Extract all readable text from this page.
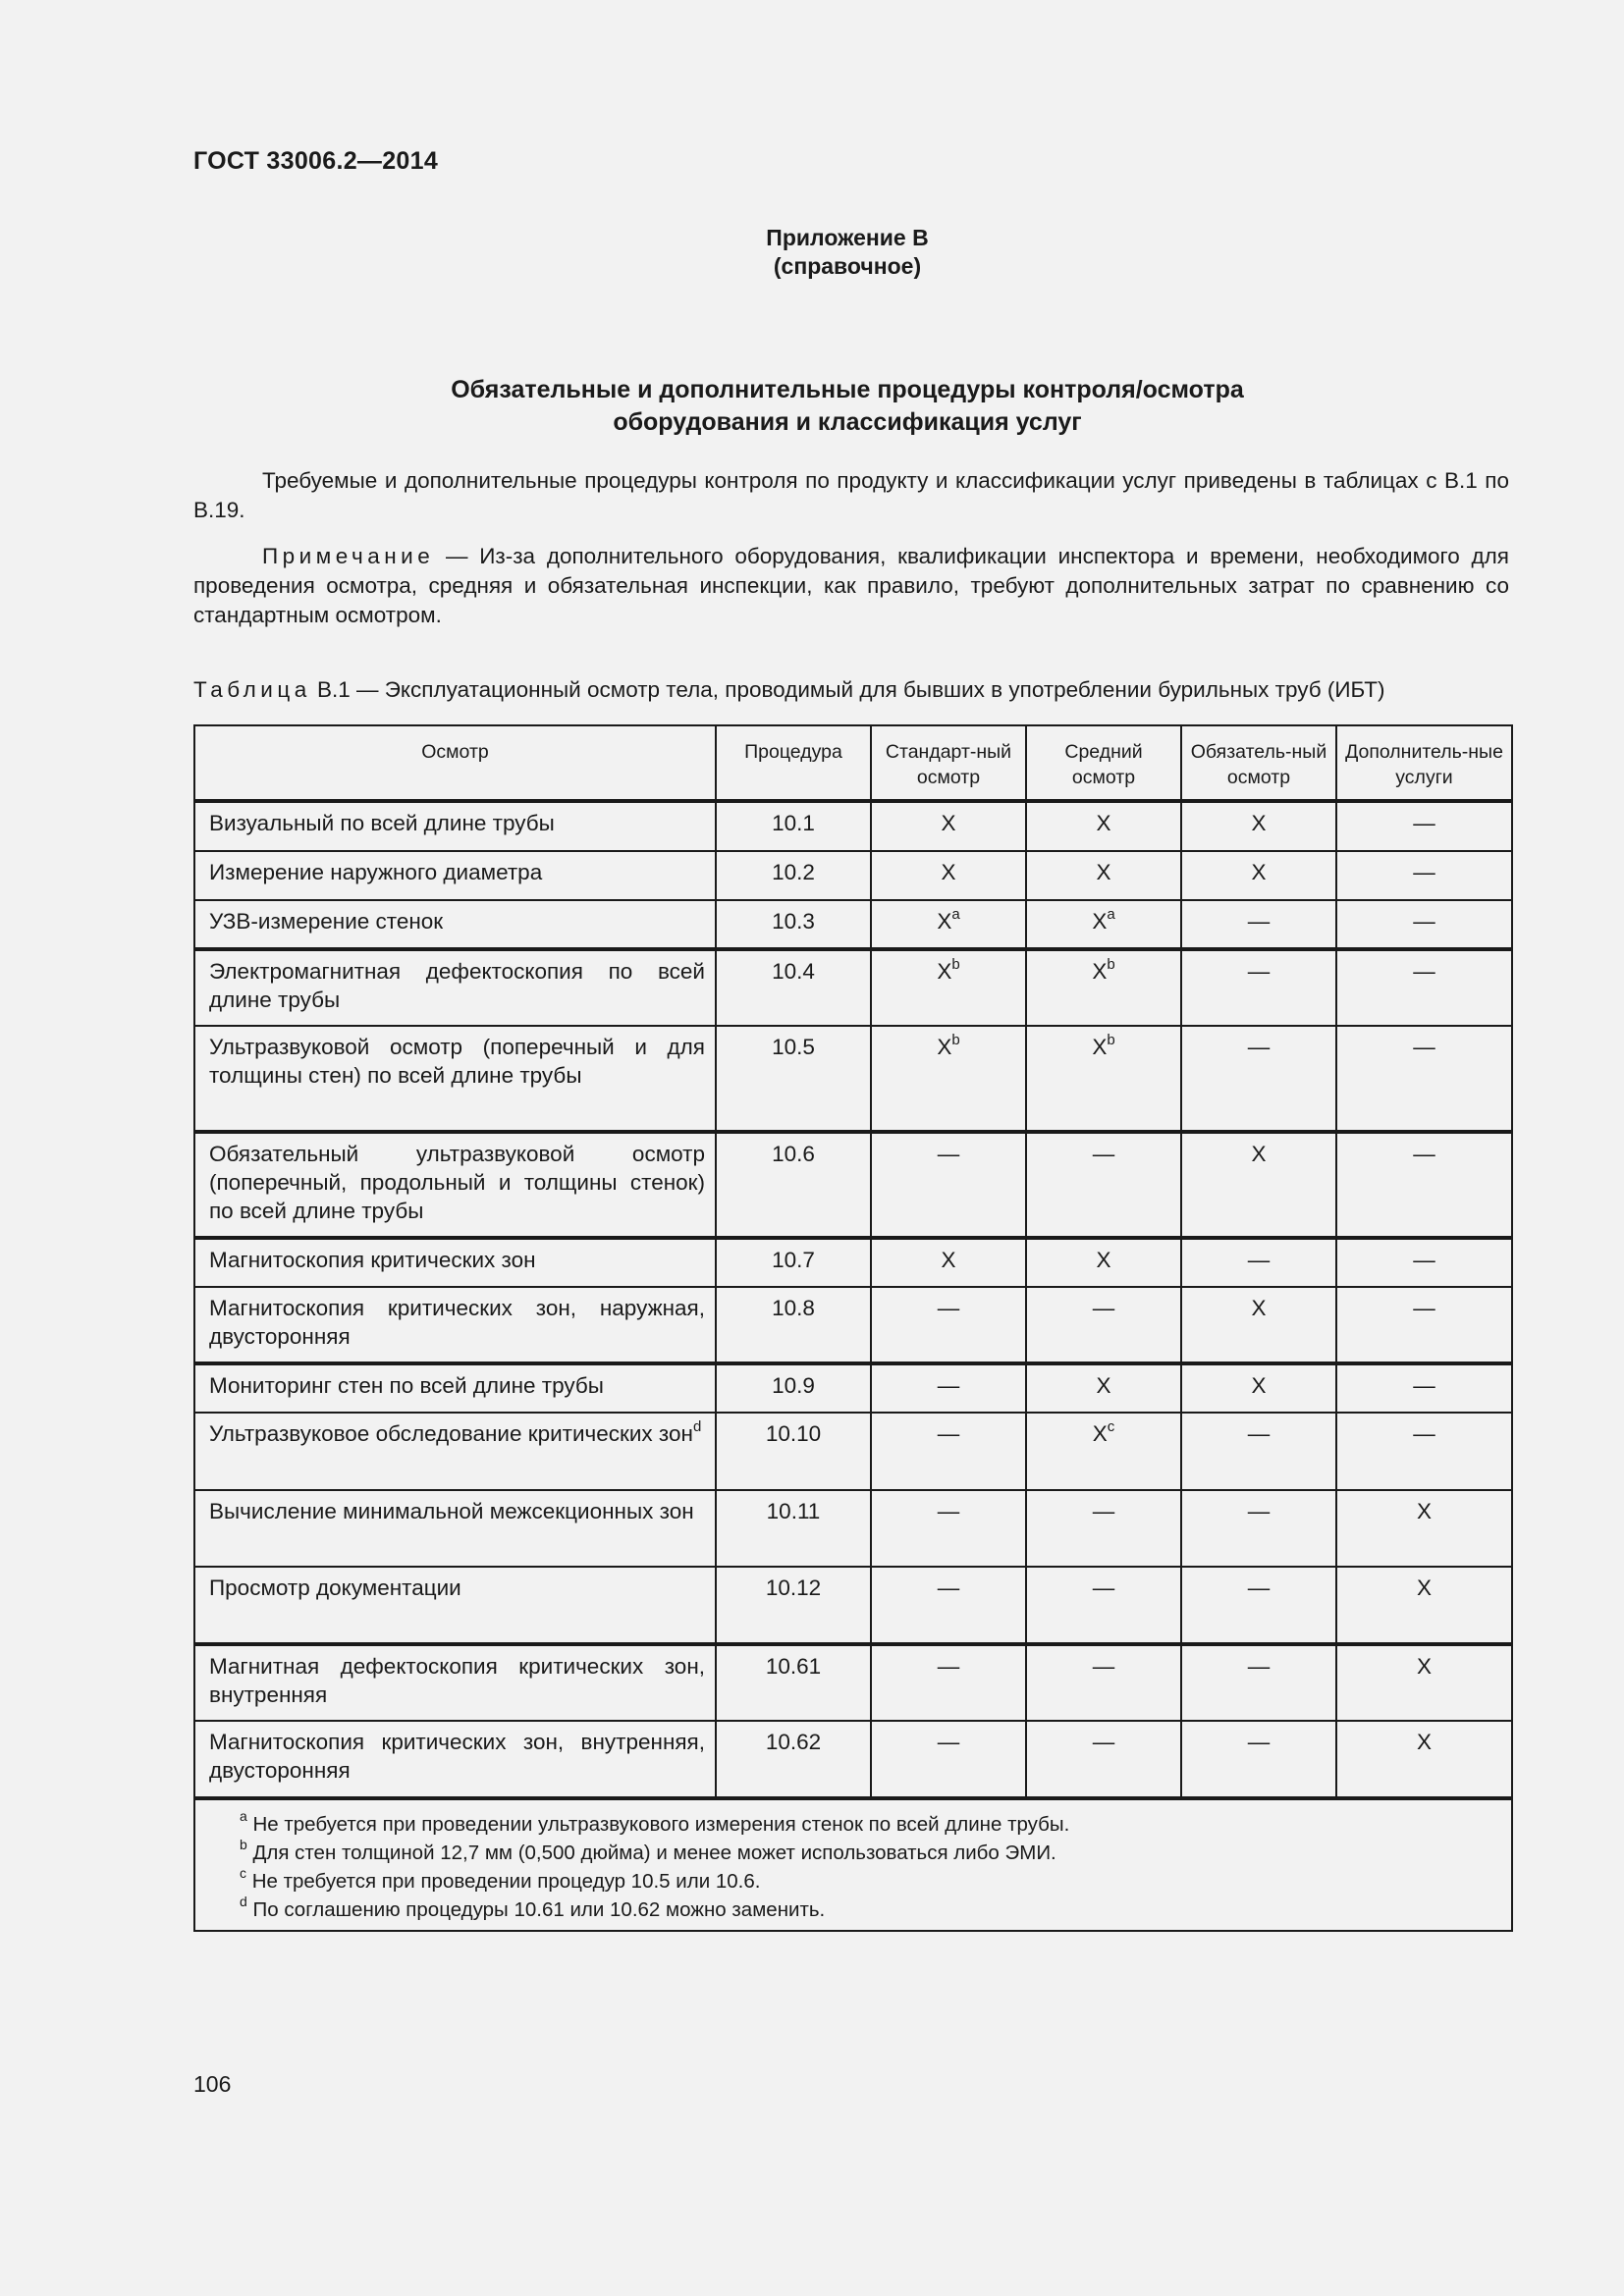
ГОСТ 33006.2—2014
Приложение В
(справочное)
Обязательные и дополнительные процедуры контроля/осмотра
оборудования и классификация услуг
Требуемые и дополнительные процедуры контроля по продукту и классификации услуг приведены в таблицах с В.1 по В.19.
Примечание — Из-за дополнительного оборудования, квалификации инспектора и времени, необходимого для проведения осмотра, средняя и обязательная инспекции, как правило, требуют дополнительных затрат по сравнению со стандартным осмотром.
Таблица В.1 — Эксплуатационный осмотр тела, проводимый для бывших в употреблении бурильных труб (ИБТ)
Осмотр	Процедура	Стандарт-ный осмотр	Средний осмотр	Обязатель-ный осмотр	Дополнитель-ные услуги
Визуальный по всей длине трубы	10.1	X	X	X	—
Измерение наружного диаметра	10.2	X	X	X	—
УЗВ-измерение стенок	10.3	$X^a$	$X^a$	—	—
Электромагнитная дефектоскопия по всей длине трубы	10.4	$X^b$	$X^b$	—	—
Ультразвуковой осмотр (поперечный и для толщины стен) по всей длине трубы	10.5	$X^b$	$X^b$	—	—
Обязательный ультразвуковой осмотр (поперечный, продольный и толщины стенок) по всей длине трубы	10.6	—	—	X	—
Магнитоскопия критических зон	10.7	X	X	—	—
Магнитоскопия критических зон, наружная, двусторонняя	10.8	—	—	X	—
Мониторинг стен по всей длине трубы	10.9	—	X	X	—
Ультразвуковое обследование критических зон$^d$	10.10	—	$X^c$	—	—
Вычисление минимальной межсекционных зон	10.11	—	—	—	X
Просмотр документации	10.12	—	—	—	X
Магнитная дефектоскопия критических зон, внутренняя	10.61	—	—	—	X
Магнитоскопия критических зон, внутренняя, двусторонняя	10.62	—	—	—	X

$^a$ Не требуется при проведении ультразвукового измерения стенок по всей длине трубы.
$^b$ Для стен толщиной 12,7 мм (0,500 дюйма) и менее может использоваться либо ЭМИ.
$^c$ Не требуется при проведении процедур 10.5 или 10.6.
$^d$ По соглашению процедуры 10.61 или 10.62 можно заменить.					
106
